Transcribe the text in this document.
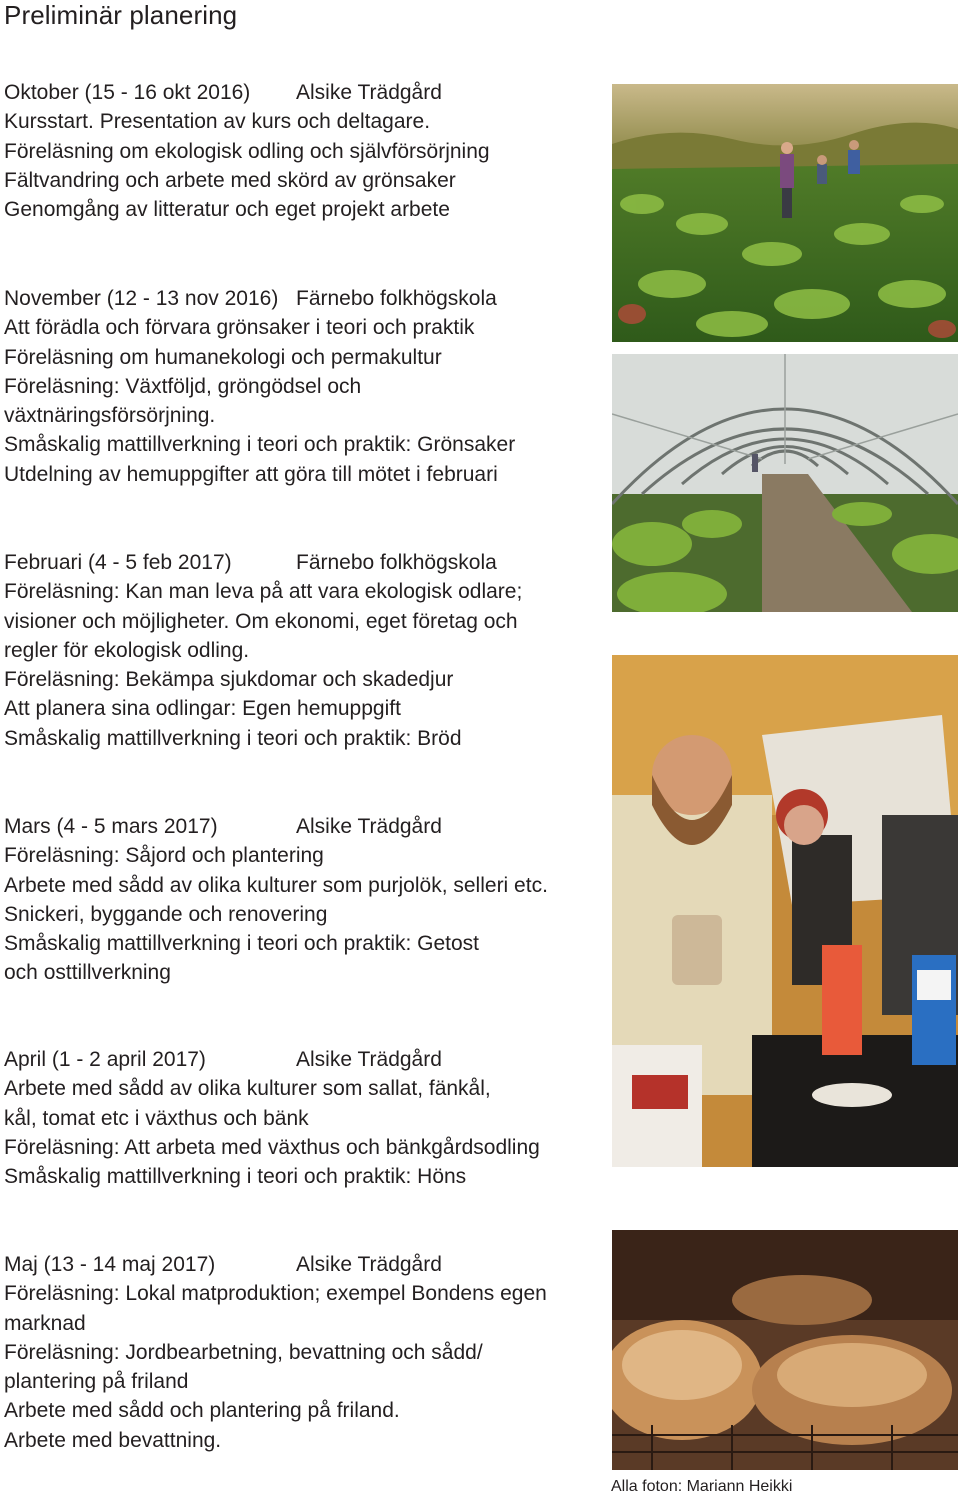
Preliminär planering
Oktober (15 - 16 okt 2016) Alsike Trädgård
Kursstart. Presentation av kurs och deltagare.
Föreläsning om ekologisk odling och självförsörjning
Fältvandring och arbete med skörd av grönsaker
Genomgång av litteratur och eget projekt arbete
November (12 - 13 nov 2016) Färnebo folkhögskola
Att förädla och förvara grönsaker i teori och praktik
Föreläsning om humanekologi och permakultur
Föreläsning: Växtföljd, gröngödsel och
växtnäringsförsörjning.
Småskalig mattillverkning i teori och praktik: Grönsaker
Utdelning av hemuppgifter att göra till mötet i februari
Februari (4 - 5 feb 2017)	Färnebo folkhögskola
Föreläsning: Kan man leva på att vara ekologisk odlare;
visioner och möjligheter. Om ekonomi, eget företag och
regler för ekologisk odling.
Föreläsning: Bekämpa sjukdomar och skadedjur
Att planera sina odlingar: Egen hemuppgift
Småskalig mattillverkning i teori och praktik: Bröd
Mars (4 - 5 mars 2017)	Alsike Trädgård
Föreläsning: Såjord och plantering
Arbete med sådd av olika kulturer som purjolök, selleri etc.
Snickeri, byggande och renovering
Småskalig mattillverkning i teori och praktik: Getost
och osttillverkning
April (1 - 2 april 2017)	Alsike Trädgård
Arbete med sådd av olika kulturer som sallat, fänkål,
kål, tomat etc i växthus och bänk
Föreläsning: Att arbeta med växthus och bänkgårdsodling
Småskalig mattillverkning i teori och praktik: Höns
Maj (13 - 14 maj 2017)	Alsike Trädgård
Föreläsning: Lokal matproduktion; exempel Bondens egen
marknad
Föreläsning: Jordbearbetning, bevattning och sådd/
plantering på friland
Arbete med sådd och plantering på friland.
Arbete med bevattning.
Alla foton: Mariann Heikki
